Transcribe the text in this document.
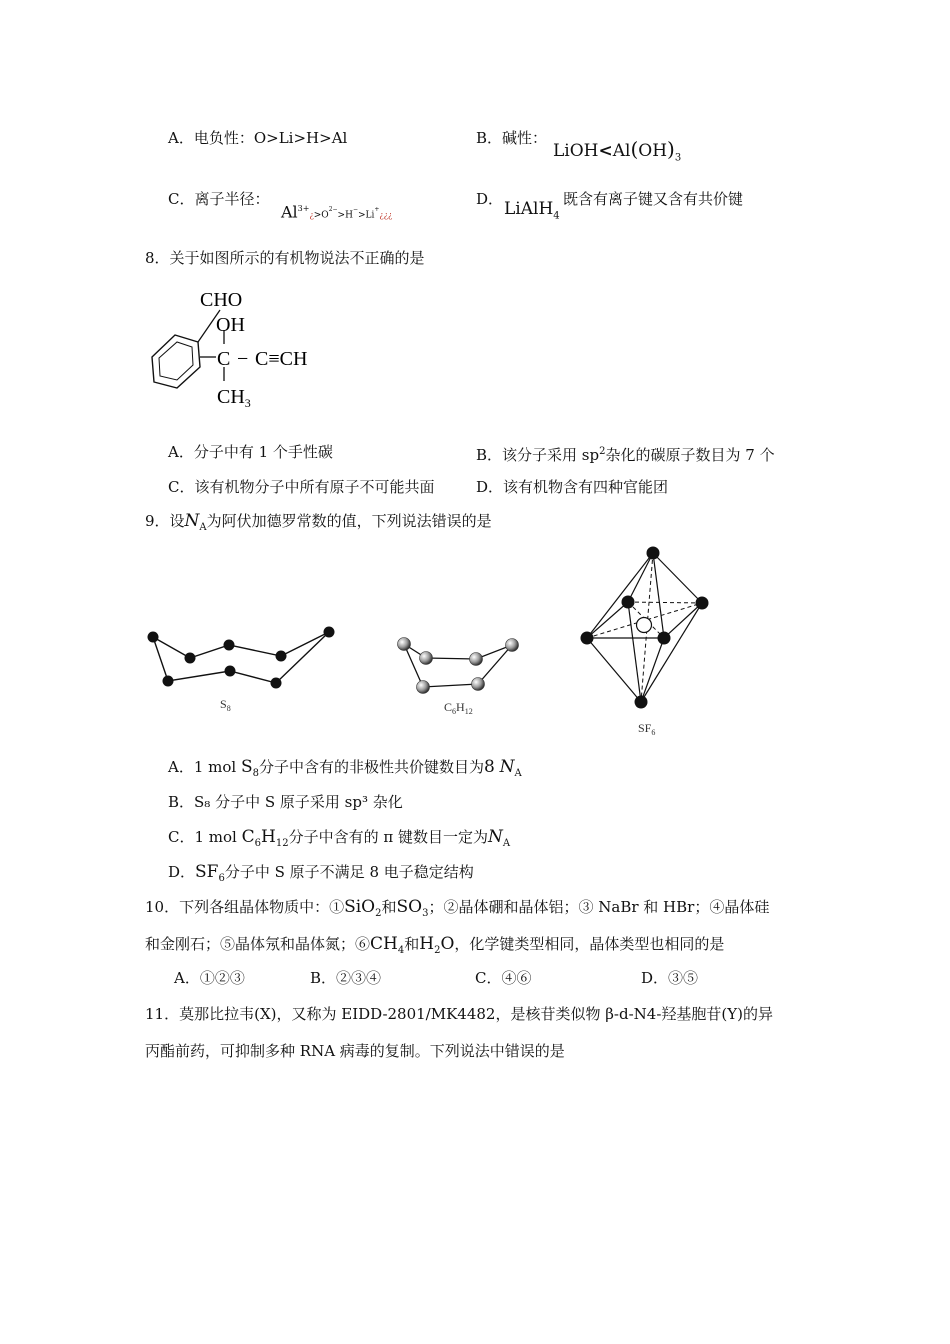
A．电负性：O>Li>H>Al	B．碱性：
$LiOH<Al(OH)_3$
C．离子半径：
$Al^{3+}¿>O^{2-}>H^->Li^+¿¿¿$
D． LiAlH$_4$
既含有离子键又含有共价键
8．关于如图所示的有机物说法不正确的是
CHO
OH
C − C≡CH
$CH_3$
A．分子中有 1 个手性碳	B．该分子采用 $sp^2$杂化的碳原子数目为 7 个
C．该有机物分子中所有原子不可能共面	D．该有机物含有四种官能团
9．设$N_A$为阿伏加德罗常数的值，下列说法错误的是
$S_8$	$C_6H_{12}$
$SF_6$
A．1 mol $S_8$分子中含有的非极性共价键数目为8 $N_A$
B．S₈ 分子中 S 原子采用 sp³ 杂化
C．1 mol $C_6H_{12}$分子中含有的 π 键数目一定为$N_A$
D．$SF_6$分子中 S 原子不满足 8 电子稳定结构
10．下列各组晶体物质中：①SiO$_2$和$SO_3$；②晶体硼和晶体铝；③ NaBr 和 HBr；④晶体硅
和金刚石；⑤晶体氖和晶体氮；$⑥CH_4$和$H_2O$，化学键类型相同，晶体类型也相同的是
A．①②③	B．②③④	C．④⑥	D．③⑤
11．莫那比拉韦(X)，又称为 EIDD-2801/MK4482，是核苷类似物 β-d-N4-羟基胞苷(Y)的异
丙酯前药，可抑制多种 RNA 病毒的复制。下列说法中错误的是
